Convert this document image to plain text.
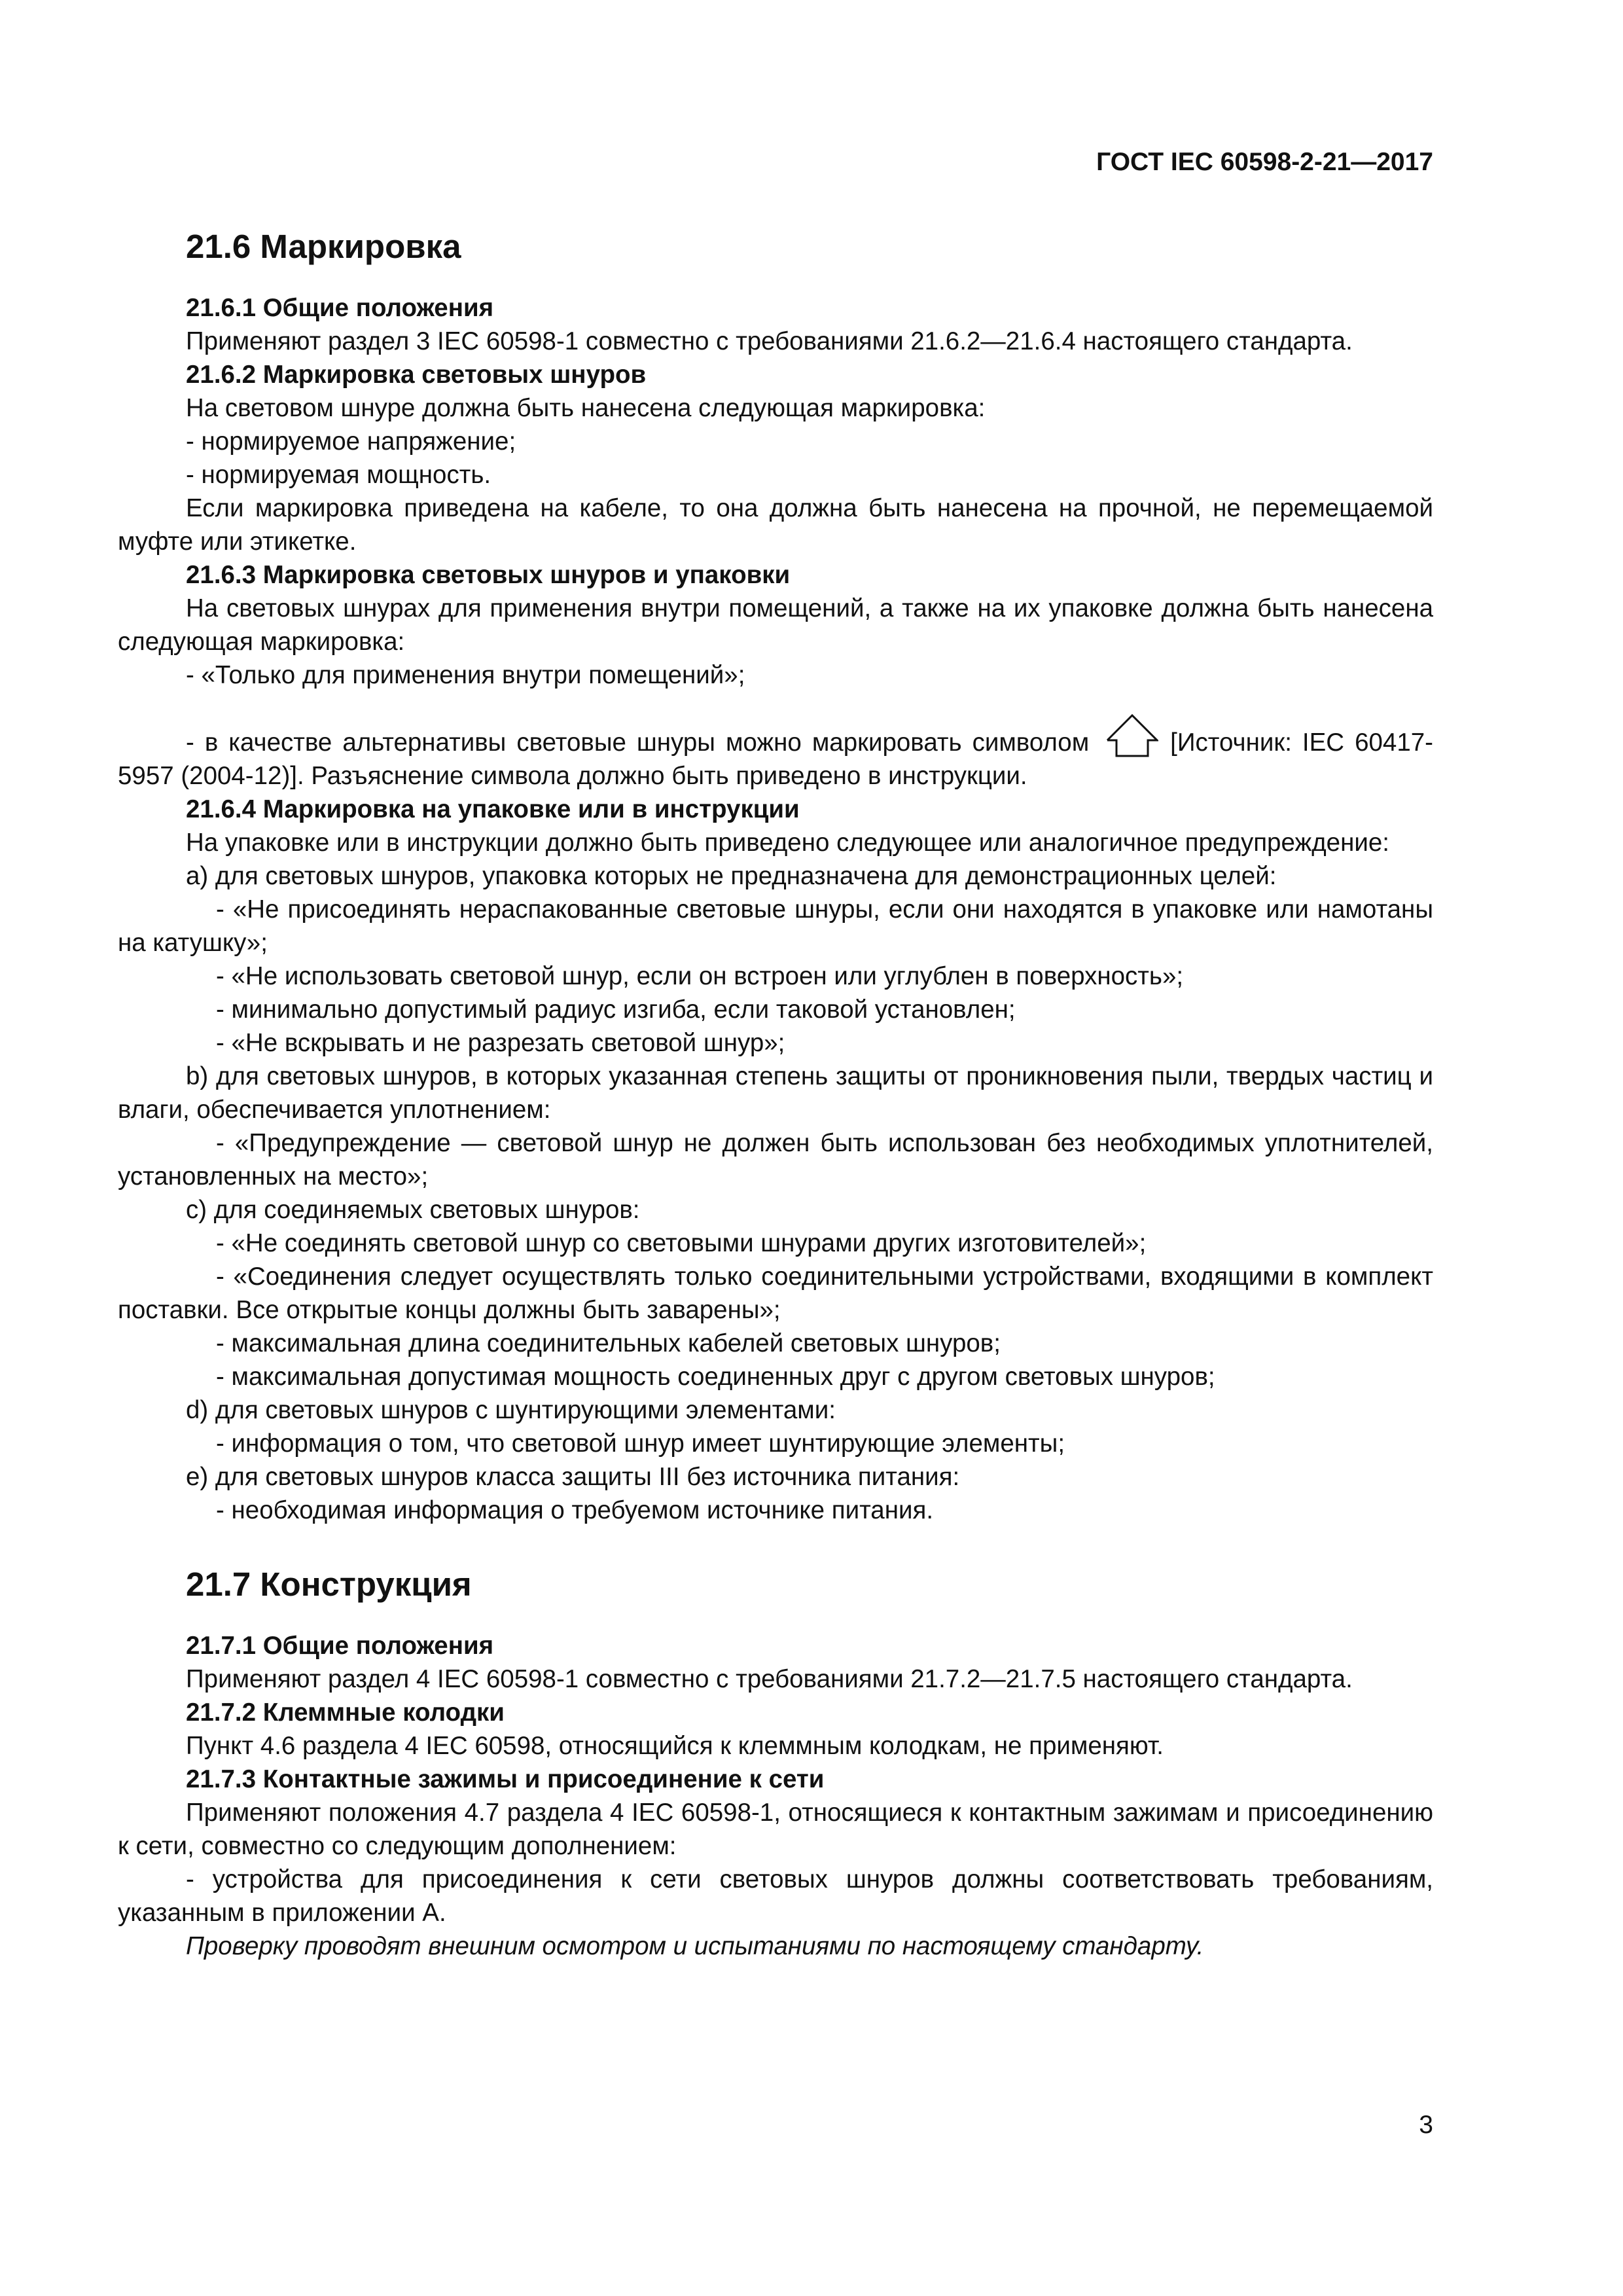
ГОСТ IEC 60598-2-21—2017
21.6 Маркировка

21.6.1 Общие положения

Применяют раздел 3 IEC 60598-1 совместно с требованиями 21.6.2—21.6.4 настоящего стандарта.

21.6.2 Маркировка световых шнуров

На световом шнуре должна быть нанесена следующая маркировка:

- нормируемое напряжение;

- нормируемая мощность.

Если маркировка приведена на кабеле, то она должна быть нанесена на прочной, не перемещаемой муфте или этикетке.

21.6.3 Маркировка световых шнуров и упаковки

На световых шнурах для применения внутри помещений, а также на их упаковке должна быть нанесена следующая маркировка:

- «Только для применения внутри помещений»;

- в качестве альтернативы световые шнуры можно маркировать символом	[Источник: IEC 60417-5957 (2004-12)]. Разъяснение символа должно быть приведено в инструкции.

21.6.4 Маркировка на упаковке или в инструкции

На упаковке или в инструкции должно быть приведено следующее или аналогичное предупреждение:

а) для световых шнуров, упаковка которых не предназначена для демонстрационных целей:

- «Не присоединять нераспакованные световые шнуры, если они находятся в упаковке или намотаны на катушку»;

- «Не использовать световой шнур, если он встроен или углублен в поверхность»;

- минимально допустимый радиус изгиба, если таковой установлен;

- «Не вскрывать и не разрезать световой шнур»;

b) для световых шнуров, в которых указанная степень защиты от проникновения пыли, твердых частиц и влаги, обеспечивается уплотнением:

- «Предупреждение — световой шнур не должен быть использован без необходимых уплотнителей, установленных на место»;

c) для соединяемых световых шнуров:

- «Не соединять световой шнур со световыми шнурами других изготовителей»;

- «Соединения следует осуществлять только соединительными устройствами, входящими в комплект поставки. Все открытые концы должны быть заварены»;

- максимальная длина соединительных кабелей световых шнуров;

- максимальная допустимая мощность соединенных друг с другом световых шнуров;

d) для световых шнуров с шунтирующими элементами:

- информация о том, что световой шнур имеет шунтирующие элементы;

e) для световых шнуров класса защиты III без источника питания:

- необходимая информация о требуемом источнике питания.

21.7 Конструкция

21.7.1 Общие положения

Применяют раздел 4 IEC 60598-1 совместно с требованиями 21.7.2—21.7.5 настоящего стандарта.

21.7.2 Клеммные колодки

Пункт 4.6 раздела 4 IEC 60598, относящийся к клеммным колодкам, не применяют.

21.7.3 Контактные зажимы и присоединение к сети

Применяют положения 4.7 раздела 4 IEC 60598-1, относящиеся к контактным зажимам и присоединению к сети, совместно со следующим дополнением:

- устройства для присоединения к сети световых шнуров должны соответствовать требованиям, указанным в приложении А.

Проверку проводят внешним осмотром и испытаниями по настоящему стандарту.

3
